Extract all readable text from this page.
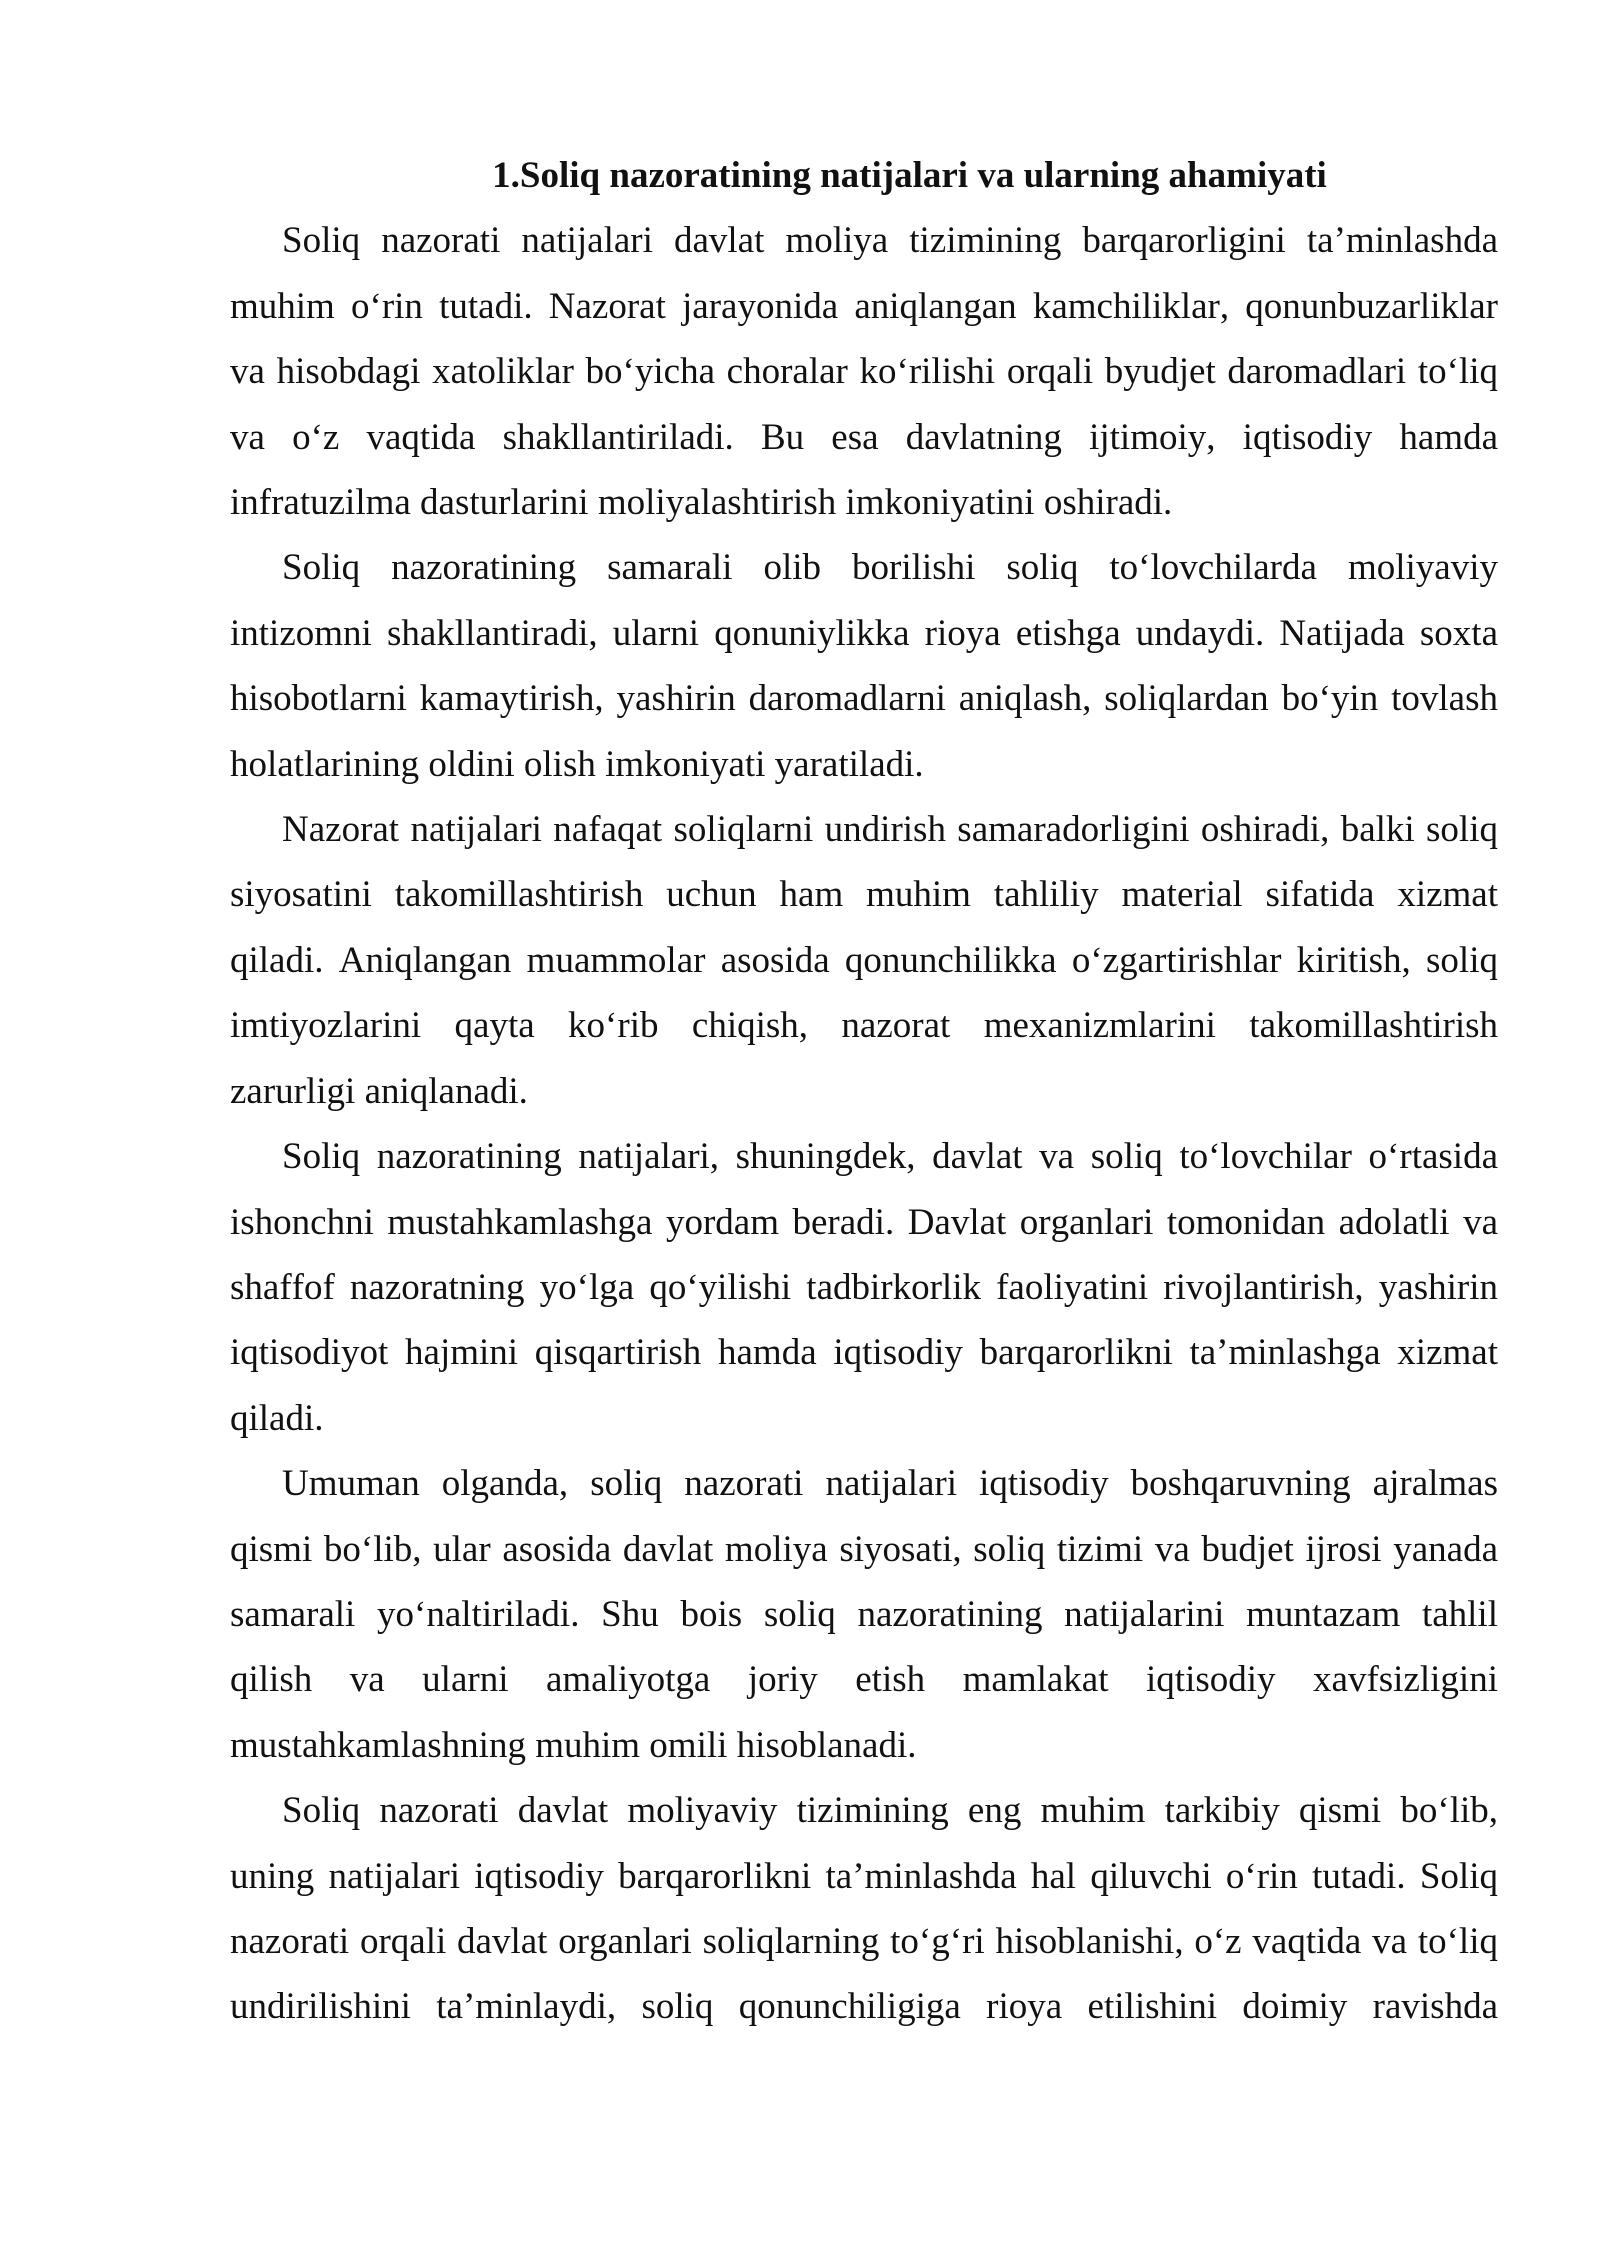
1.Soliq nazoratining natijalari va ularning ahamiyati
Soliq nazorati natijalari davlat moliya tizimining barqarorligini ta’minlashda
muhim o‘rin tutadi. Nazorat jarayonida aniqlangan kamchiliklar, qonunbuzarliklar
va hisobdagi xatoliklar bo‘yicha choralar ko‘rilishi orqali byudjet daromadlari to‘liq
va o‘z vaqtida shakllantiriladi. Bu esa davlatning ijtimoiy, iqtisodiy hamda
infratuzilma dasturlarini moliyalashtirish imkoniyatini oshiradi.
Soliq nazoratining samarali olib borilishi soliq to‘lovchilarda moliyaviy
intizomni shakllantiradi, ularni qonuniylikka rioya etishga undaydi. Natijada soxta
hisobotlarni kamaytirish, yashirin daromadlarni aniqlash, soliqlardan bo‘yin tovlash
holatlarining oldini olish imkoniyati yaratiladi.
Nazorat natijalari nafaqat soliqlarni undirish samaradorligini oshiradi, balki soliq
siyosatini takomillashtirish uchun ham muhim tahliliy material sifatida xizmat
qiladi. Aniqlangan muammolar asosida qonunchilikka o‘zgartirishlar kiritish, soliq
imtiyozlarini qayta ko‘rib chiqish, nazorat mexanizmlarini takomillashtirish
zarurligi aniqlanadi.
Soliq nazoratining natijalari, shuningdek, davlat va soliq to‘lovchilar o‘rtasida
ishonchni mustahkamlashga yordam beradi. Davlat organlari tomonidan adolatli va
shaffof nazoratning yo‘lga qo‘yilishi tadbirkorlik faoliyatini rivojlantirish, yashirin
iqtisodiyot hajmini qisqartirish hamda iqtisodiy barqarorlikni ta’minlashga xizmat
qiladi.
Umuman olganda, soliq nazorati natijalari iqtisodiy boshqaruvning ajralmas
qismi bo‘lib, ular asosida davlat moliya siyosati, soliq tizimi va budjet ijrosi yanada
samarali yo‘naltiriladi. Shu bois soliq nazoratining natijalarini muntazam tahlil
qilish va ularni amaliyotga joriy etish mamlakat iqtisodiy xavfsizligini
mustahkamlashning muhim omili hisoblanadi.
Soliq nazorati davlat moliyaviy tizimining eng muhim tarkibiy qismi bo‘lib,
uning natijalari iqtisodiy barqarorlikni ta’minlashda hal qiluvchi o‘rin tutadi. Soliq
nazorati orqali davlat organlari soliqlarning to‘g‘ri hisoblanishi, o‘z vaqtida va to‘liq
undirilishini ta’minlaydi, soliq qonunchiligiga rioya etilishini doimiy ravishda
